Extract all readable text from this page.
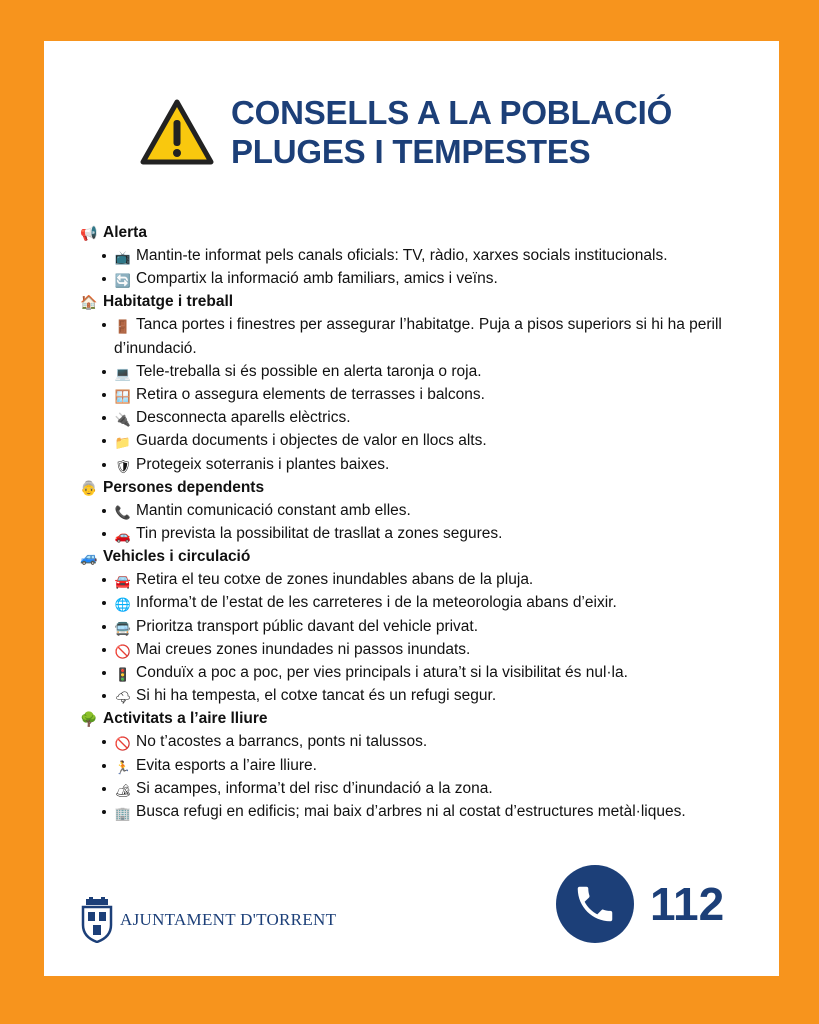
CONSELLS A LA POBLACIÓ
PLUGES I TEMPESTES
📢 Alerta
📺 Mantin-te informat pels canals oficials: TV, ràdio, xarxes socials institucionals.
🔄 Compartix la informació amb familiars, amics i veïns.
🏠 Habitatge i treball
🚪 Tanca portes i finestres per assegurar l’habitatge. Puja a pisos superiors si hi ha perill d’inundació.
💻 Tele-treballa si és possible en alerta taronja o roja.
🪟 Retira o assegura elements de terrasses i balcons.
🔌 Desconnecta aparells elèctrics.
📁 Guarda documents i objectes de valor en llocs alts.
🛡 Protegeix soterranis i plantes baixes.
👵 Persones dependents
📞 Mantin comunicació constant amb elles.
🚗 Tin prevista la possibilitat de trasllat a zones segures.
🚙 Vehicles i circulació
🚘 Retira el teu cotxe de zones inundables abans de la pluja.
🌐 Informa’t de l’estat de les carreteres i de la meteorologia abans d’eixir.
🚍 Prioritza transport públic davant del vehicle privat.
🚫 Mai creues zones inundades ni passos inundats.
🚦 Conduïx a poc a poc, per vies principals i atura’t si la visibilitat és nul·la.
🌩 Si hi ha tempesta, el cotxe tancat és un refugi segur.
🌳 Activitats a l’aire lliure
🚫 No t’acostes a barrancs, ponts ni talussos.
🏃 Evita esports a l’aire lliure.
🏕 Si acampes, informa’t del risc d’inundació a la zona.
🏢 Busca refugi en edificis; mai baix d’arbres ni al costat d’estructures metàl·liques.
AJUNTAMENT D'TORRENT	112
